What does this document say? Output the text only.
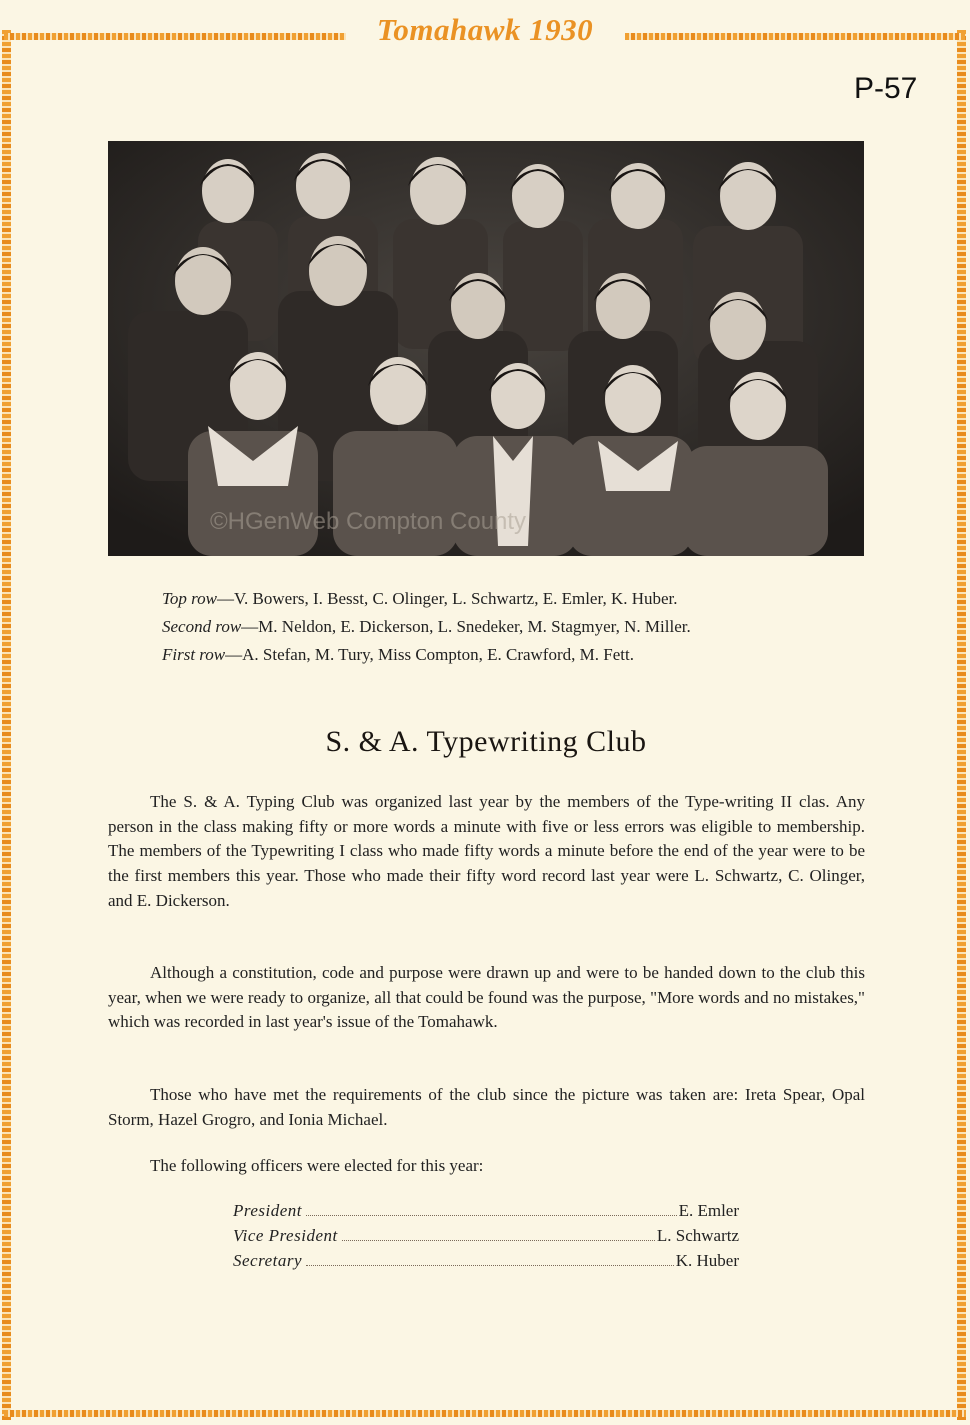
Tomahawk 1930
P-57
©HGenWeb Compton County
Top row—V. Bowers, I. Besst, C. Olinger, L. Schwartz, E. Emler, K. Huber.
Second row—M. Neldon, E. Dickerson, L. Snedeker, M. Stagmyer, N. Miller.
First row—A. Stefan, M. Tury, Miss Compton, E. Crawford, M. Fett.
S. & A. Typewriting Club
The S. & A. Typing Club was organized last year by the members of the Type-writing II clas. Any person in the class making fifty or more words a minute with five or less errors was eligible to membership. The members of the Typewriting I class who made fifty words a minute before the end of the year were to be the first members this year. Those who made their fifty word record last year were L. Schwartz, C. Olinger, and E. Dickerson.
Although a constitution, code and purpose were drawn up and were to be handed down to the club this year, when we were ready to organize, all that could be found was the purpose, "More words and no mistakes," which was recorded in last year's issue of the Tomahawk.
Those who have met the requirements of the club since the picture was taken are: Ireta Spear, Opal Storm, Hazel Grogro, and Ionia Michael.
The following officers were elected for this year:
President	E. Emler
Vice President	L. Schwartz
Secretary	K. Huber
